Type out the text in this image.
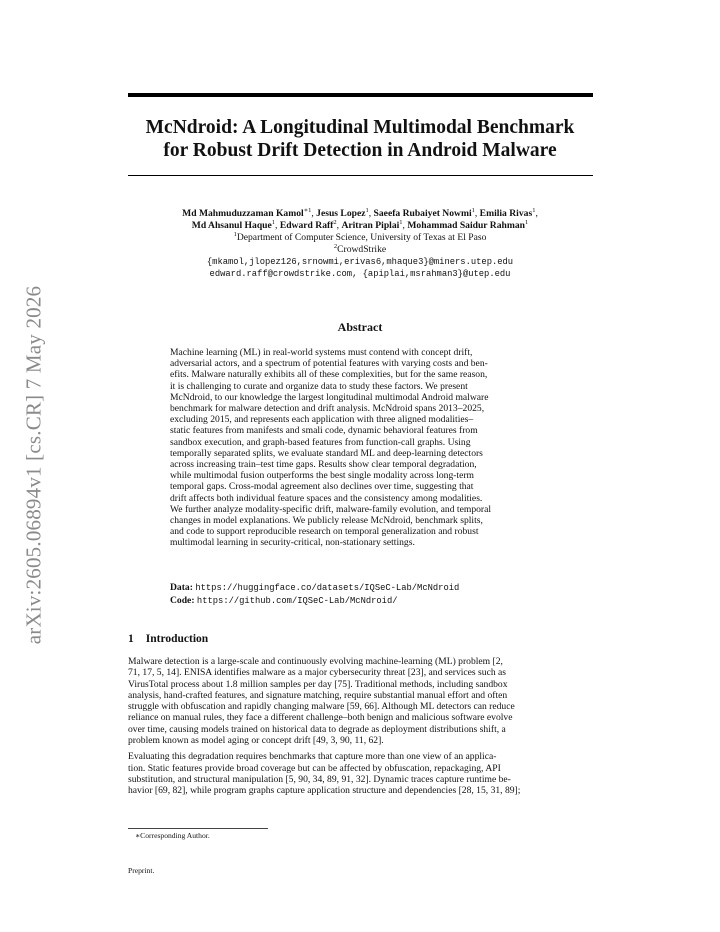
arXiv:2605.06894v1 [cs.CR] 7 May 2026
McNdroid: A Longitudinal Multimodal Benchmark
for Robust Drift Detection in Android Malware
Md Mahmuduzzaman Kamol$^{∗1}$, Jesus Lopez$^1$, Saeefa Rubaiyet Nowmi$^1$, Emilia Rivas$^1$,
Md Ahsanul Haque$^1$, Edward Raff$^2$, Aritran Piplai$^1$, Mohammad Saidur Rahman$^1$
$^1$Department of Computer Science, University of Texas at El Paso
$^2$CrowdStrike
{mkamol,jlopez126,srnowmi,erivas6,mhaque3}@miners.utep.edu
edward.raff@crowdstrike.com, {apiplai,msrahman3}@utep.edu
Abstract
Machine learning (ML) in real-world systems must contend with concept drift,
adversarial actors, and a spectrum of potential features with varying costs and ben-
efits. Malware naturally exhibits all of these complexities, but for the same reason,
it is challenging to curate and organize data to study these factors. We present
McNdroid, to our knowledge the largest longitudinal multimodal Android malware
benchmark for malware detection and drift analysis. McNdroid spans 2013–2025,
excluding 2015, and represents each application with three aligned modalities–
static features from manifests and smali code, dynamic behavioral features from
sandbox execution, and graph-based features from function-call graphs. Using
temporally separated splits, we evaluate standard ML and deep-learning detectors
across increasing train–test time gaps. Results show clear temporal degradation,
while multimodal fusion outperforms the best single modality across long-term
temporal gaps. Cross-modal agreement also declines over time, suggesting that
drift affects both individual feature spaces and the consistency among modalities.
We further analyze modality-specific drift, malware-family evolution, and temporal
changes in model explanations. We publicly release McNdroid, benchmark splits,
and code to support reproducible research on temporal generalization and robust
multimodal learning in security-critical, non-stationary settings.
Data: https://huggingface.co/datasets/IQSeC-Lab/McNdroid
Code: https://github.com/IQSeC-Lab/McNdroid/
1 Introduction

Malware detection is a large-scale and continuously evolving machine-learning (ML) problem [2,
71, 17, 5, 14]. ENISA identifies malware as a major cybersecurity threat [23], and services such as
VirusTotal process about 1.8 million samples per day [75]. Traditional methods, including sandbox
analysis, hand-crafted features, and signature matching, require substantial manual effort and often
struggle with obfuscation and rapidly changing malware [59, 66]. Although ML detectors can reduce
reliance on manual rules, they face a different challenge–both benign and malicious software evolve
over time, causing models trained on historical data to degrade as deployment distributions shift, a
problem known as model aging or concept drift [49, 3, 90, 11, 62].

Evaluating this degradation requires benchmarks that capture more than one view of an applica-
tion. Static features provide broad coverage but can be affected by obfuscation, repackaging, API
substitution, and structural manipulation [5, 90, 34, 89, 91, 32]. Dynamic traces capture runtime be-
havior [69, 82], while program graphs capture application structure and dependencies [28, 15, 31, 89];

∗Corresponding Author.
Preprint.
